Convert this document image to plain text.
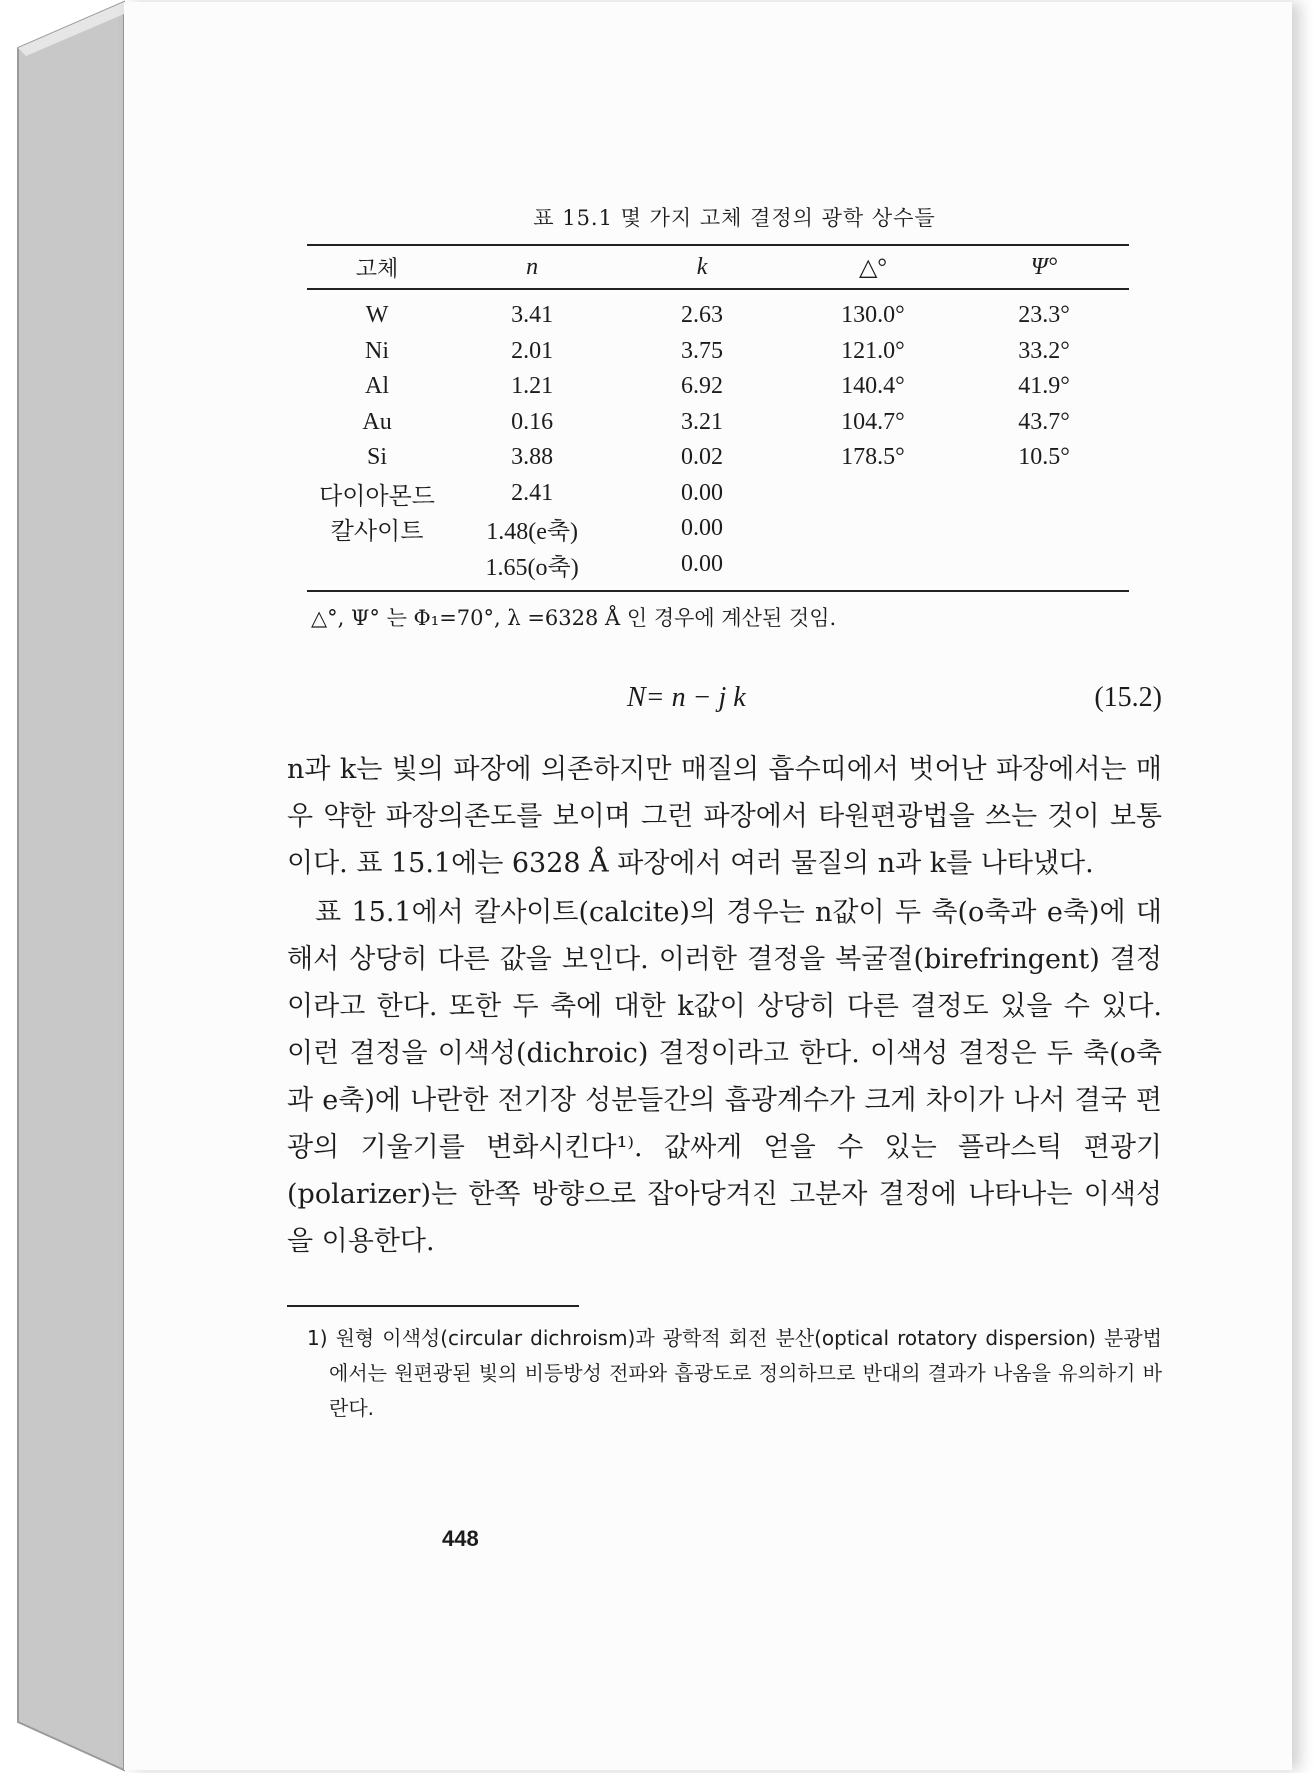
표 15.1 몇 가지 고체 결정의 광학 상수들
고체	n	k	△°	Ψ°
W	3.41	2.63	130.0°	23.3°
Ni	2.01	3.75	121.0°	33.2°
Al	1.21	6.92	140.4°	41.9°
Au	0.16	3.21	104.7°	43.7°
Si	3.88	0.02	178.5°	10.5°
다이아몬드	2.41	0.00		
칼사이트	1.48(e축)	0.00		
	1.65(o축)	0.00		
△°, Ψ° 는 Φ₁=70°, λ =6328 Å 인 경우에 계산된 것임.
N= n − j k	(15.2)

n과 k는 빛의 파장에 의존하지만 매질의 흡수띠에서 벗어난 파장에서는 매우 약한 파장의존도를 보이며 그런 파장에서 타원편광법을 쓰는 것이 보통이다. 표 15.1에는 6328 Å 파장에서 여러 물질의 n과 k를 나타냈다.

표 15.1에서 칼사이트(calcite)의 경우는 n값이 두 축(o축과 e축)에 대해서 상당히 다른 값을 보인다. 이러한 결정을 복굴절(birefringent) 결정이라고 한다. 또한 두 축에 대한 k값이 상당히 다른 결정도 있을 수 있다. 이런 결정을 이색성(dichroic) 결정이라고 한다. 이색성 결정은 두 축(o축과 e축)에 나란한 전기장 성분들간의 흡광계수가 크게 차이가 나서 결국 편광의 기울기를 변화시킨다¹⁾. 값싸게 얻을 수 있는 플라스틱 편광기(polarizer)는 한쪽 방향으로 잡아당겨진 고분자 결정에 나타나는 이색성을 이용한다.

1) 원형 이색성(circular dichroism)과 광학적 회전 분산(optical rotatory dispersion) 분광법에서는 원편광된 빛의 비등방성 전파와 흡광도로 정의하므로 반대의 결과가 나옴을 유의하기 바란다.
448
